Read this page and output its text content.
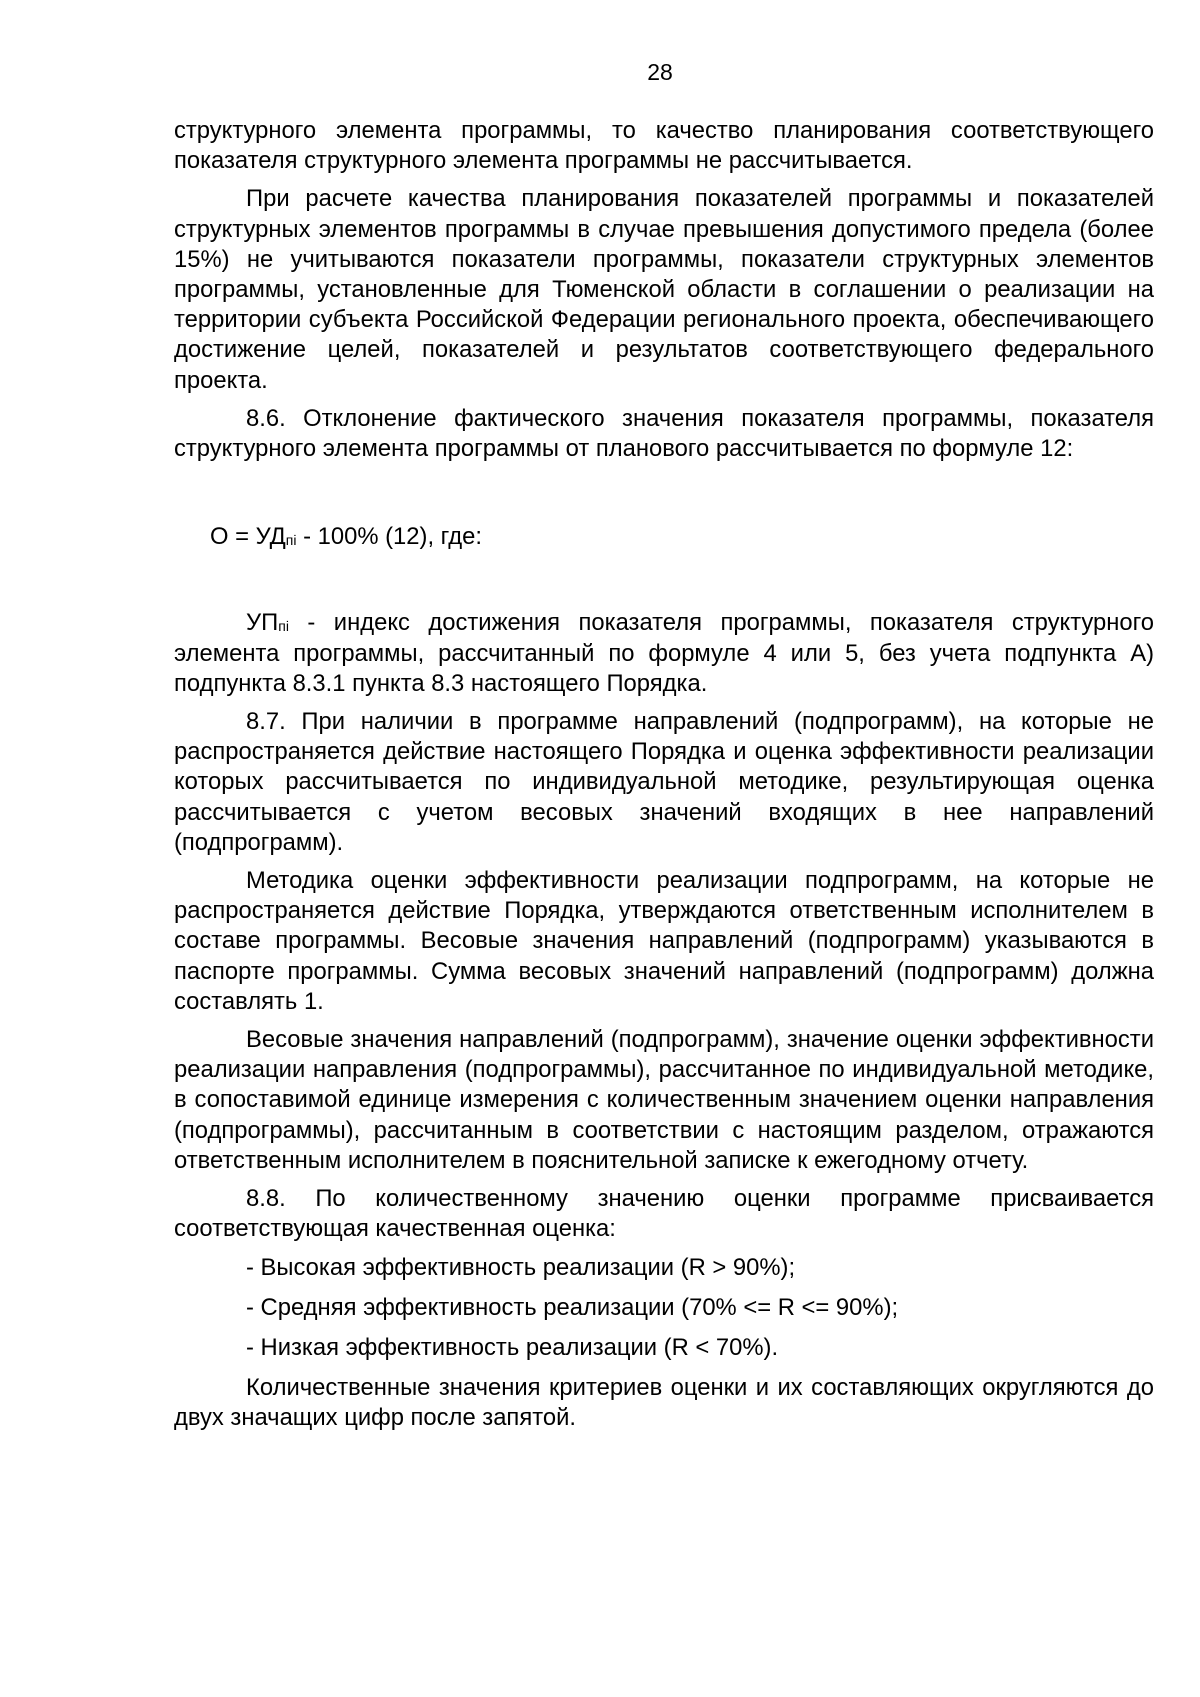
28

структурного элемента программы, то качество планирования соответствующего показателя структурного элемента программы не рассчитывается.

При расчете качества планирования показателей программы и показателей структурных элементов программы в случае превышения допустимого предела (более 15%) не учитываются показатели программы, показатели структурных элементов программы, установленные для Тюменской области в соглашении о реализации на территории субъекта Российской Федерации регионального проекта, обеспечивающего достижение целей, показателей и результатов соответствующего федерального проекта.

8.6. Отклонение фактического значения показателя программы, показателя структурного элемента программы от планового рассчитывается по формуле 12:

$О = УД_{пі} - 100\%$ (12), где:

$УП_{пі}$ - индекс достижения показателя программы, показателя структурного элемента программы, рассчитанный по формуле 4 или 5, без учета подпункта А) подпункта 8.3.1 пункта 8.3 настоящего Порядка.

8.7. При наличии в программе направлений (подпрограмм), на которые не распространяется действие настоящего Порядка и оценка эффективности реализации которых рассчитывается по индивидуальной методике, результирующая оценка рассчитывается с учетом весовых значений входящих в нее направлений (подпрограмм).

Методика оценки эффективности реализации подпрограмм, на которые не распространяется действие Порядка, утверждаются ответственным исполнителем в составе программы. Весовые значения направлений (подпрограмм) указываются в паспорте программы. Сумма весовых значений направлений (подпрограмм) должна составлять 1.

Весовые значения направлений (подпрограмм), значение оценки эффективности реализации направления (подпрограммы), рассчитанное по индивидуальной методике, в сопоставимой единице измерения с количественным значением оценки направления (подпрограммы), рассчитанным в соответствии с настоящим разделом, отражаются ответственным исполнителем в пояснительной записке к ежегодному отчету.

8.8. По количественному значению оценки программе присваивается соответствующая качественная оценка:

- Высокая эффективность реализации (R > 90%);

- Средняя эффективность реализации (70% <= R <= 90%);

- Низкая эффективность реализации (R < 70%).

Количественные значения критериев оценки и их составляющих округляются до двух значащих цифр после запятой.
